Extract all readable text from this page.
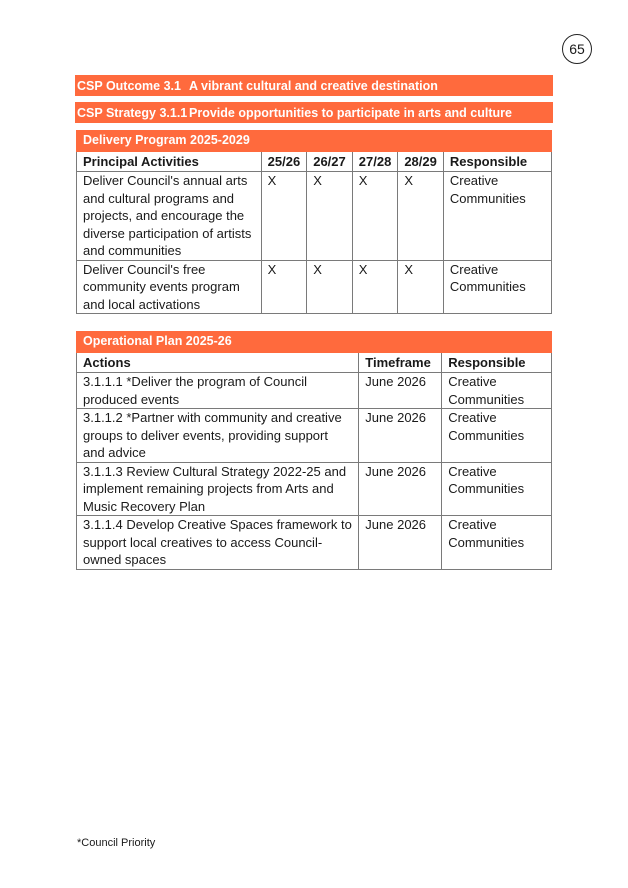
65
CSP Outcome 3.1 A vibrant cultural and creative destination
CSP Strategy 3.1.1 Provide opportunities to participate in arts and culture
Delivery Program 2025-2029					
Principal Activities	25/26	26/27	27/28	28/29	Responsible
Deliver Council's annual arts and cultural programs and projects, and encourage the diverse participation of artists and communities	X	X	X	X	Creative Communities
Deliver Council's free community events program and local activations	X	X	X	X	Creative Communities
Operational Plan 2025-26		
Actions	Timeframe	Responsible
3.1.1.1 *Deliver the program of Council produced events	June 2026	Creative Communities
3.1.1.2 *Partner with community and creative groups to deliver events, providing support and advice	June 2026	Creative Communities
3.1.1.3 Review Cultural Strategy 2022-25 and implement remaining projects from Arts and Music Recovery Plan	June 2026	Creative Communities
3.1.1.4 Develop Creative Spaces framework to support local creatives to access Council-owned spaces	June 2026	Creative Communities
*Council Priority
